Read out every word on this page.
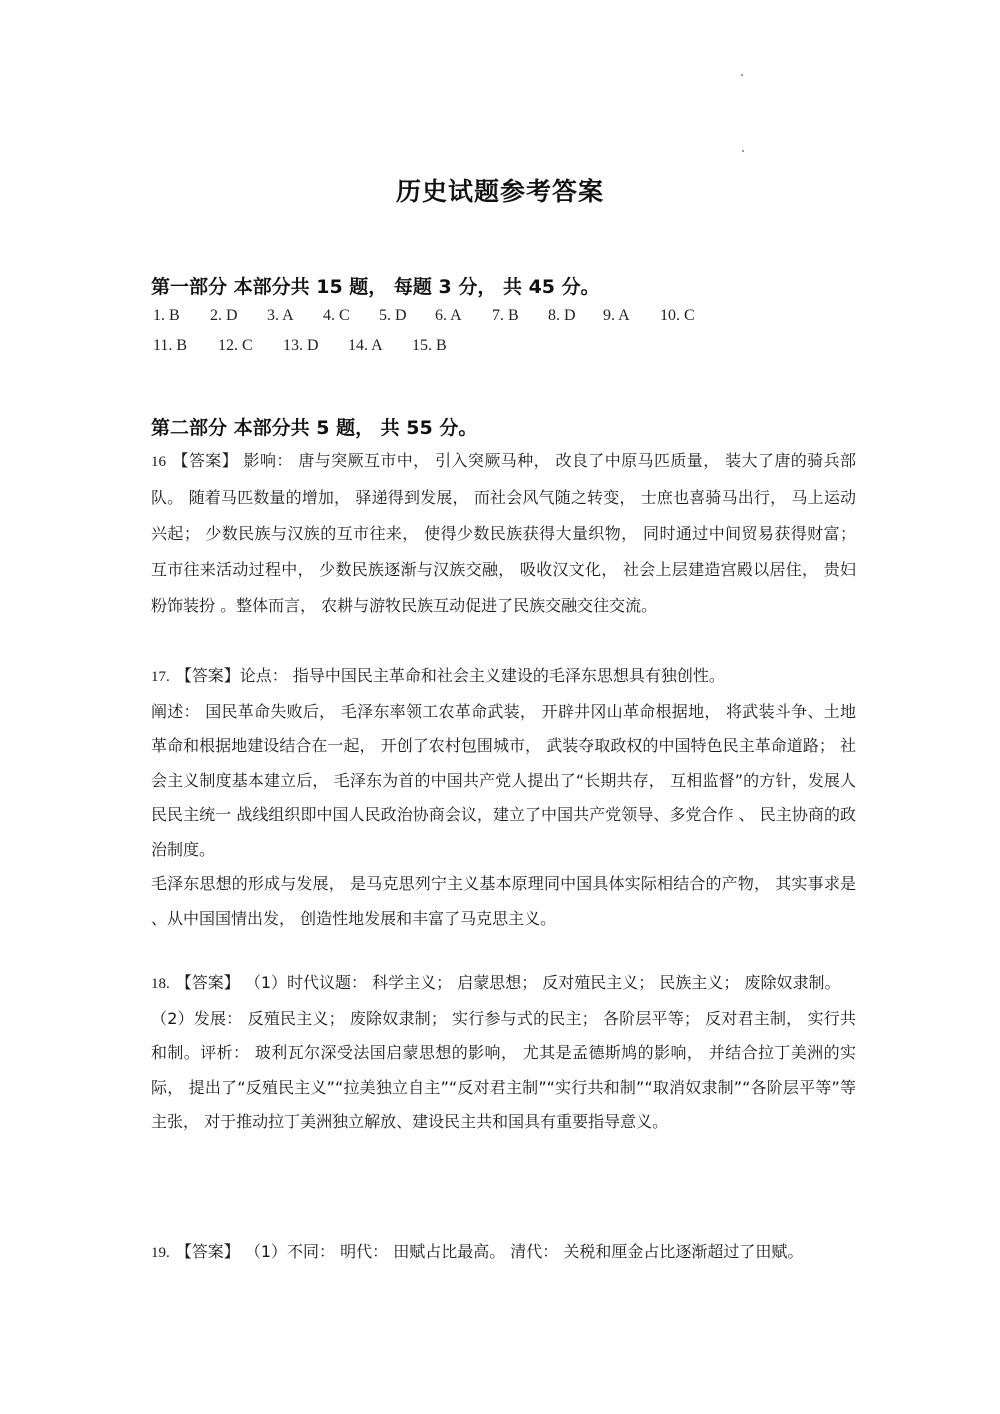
历史试题参考答案
第一部分 本部分共 15 题， 每题 3 分， 共 45 分。
1. B 2. D 3. A 4. C 5. D 6. A 7. B 8. D 9. A 10. C
11. B 12. C 13. D 14. A 15. B
第二部分 本部分共 5 题， 共 55 分。
16 【答案】 影响： 唐与突厥互市中， 引入突厥马种， 改良了中原马匹质量， 装大了唐的骑兵部队。 随着马匹数量的增加， 驿递得到发展， 而社会风气随之转变， 士庶也喜骑马出行， 马上运动兴起； 少数民族与汉族的互市往来， 使得少数民族获得大量织物， 同时通过中间贸易获得财富； 互市往来活动过程中， 少数民族逐渐与汉族交融， 吸收汉文化， 社会上层建造宫殿以居住， 贵妇粉饰装扮 。整体而言， 农耕与游牧民族互动促进了民族交融交往交流。
17. 【答案】论点： 指导中国民主革命和社会主义建设的毛泽东思想具有独创性。
阐述： 国民革命失败后， 毛泽东率领工农革命武装， 开辟井冈山革命根据地， 将武装斗争、土地革命和根据地建设结合在一起， 开创了农村包围城市， 武装夺取政权的中国特色民主革命道路； 社会主义制度基本建立后， 毛泽东为首的中国共产党人提出了“长期共存， 互相监督”的方针，发展人民民主统一 战线组织即中国人民政治协商会议，建立了中国共产党领导、多党合作 、 民主协商的政治制度。
毛泽东思想的形成与发展， 是马克思列宁主义基本原理同中国具体实际相结合的产物， 其实事求是 、从中国国情出发， 创造性地发展和丰富了马克思主义。
18. 【答案】 （1）时代议题： 科学主义； 启蒙思想； 反对殖民主义； 民族主义； 废除奴隶制。
（2）发展： 反殖民主义； 废除奴隶制； 实行参与式的民主； 各阶层平等； 反对君主制， 实行共和制。评析： 玻利瓦尔深受法国启蒙思想的影响， 尤其是孟德斯鸠的影响， 并结合拉丁美洲的实际， 提出了“反殖民主义”“拉美独立自主”“反对君主制”“实行共和制”“取消奴隶制”“各阶层平等”等主张， 对于推动拉丁美洲独立解放、建设民主共和国具有重要指导意义。
19. 【答案】 （1）不同： 明代： 田赋占比最高。 清代： 关税和厘金占比逐渐超过了田赋。
